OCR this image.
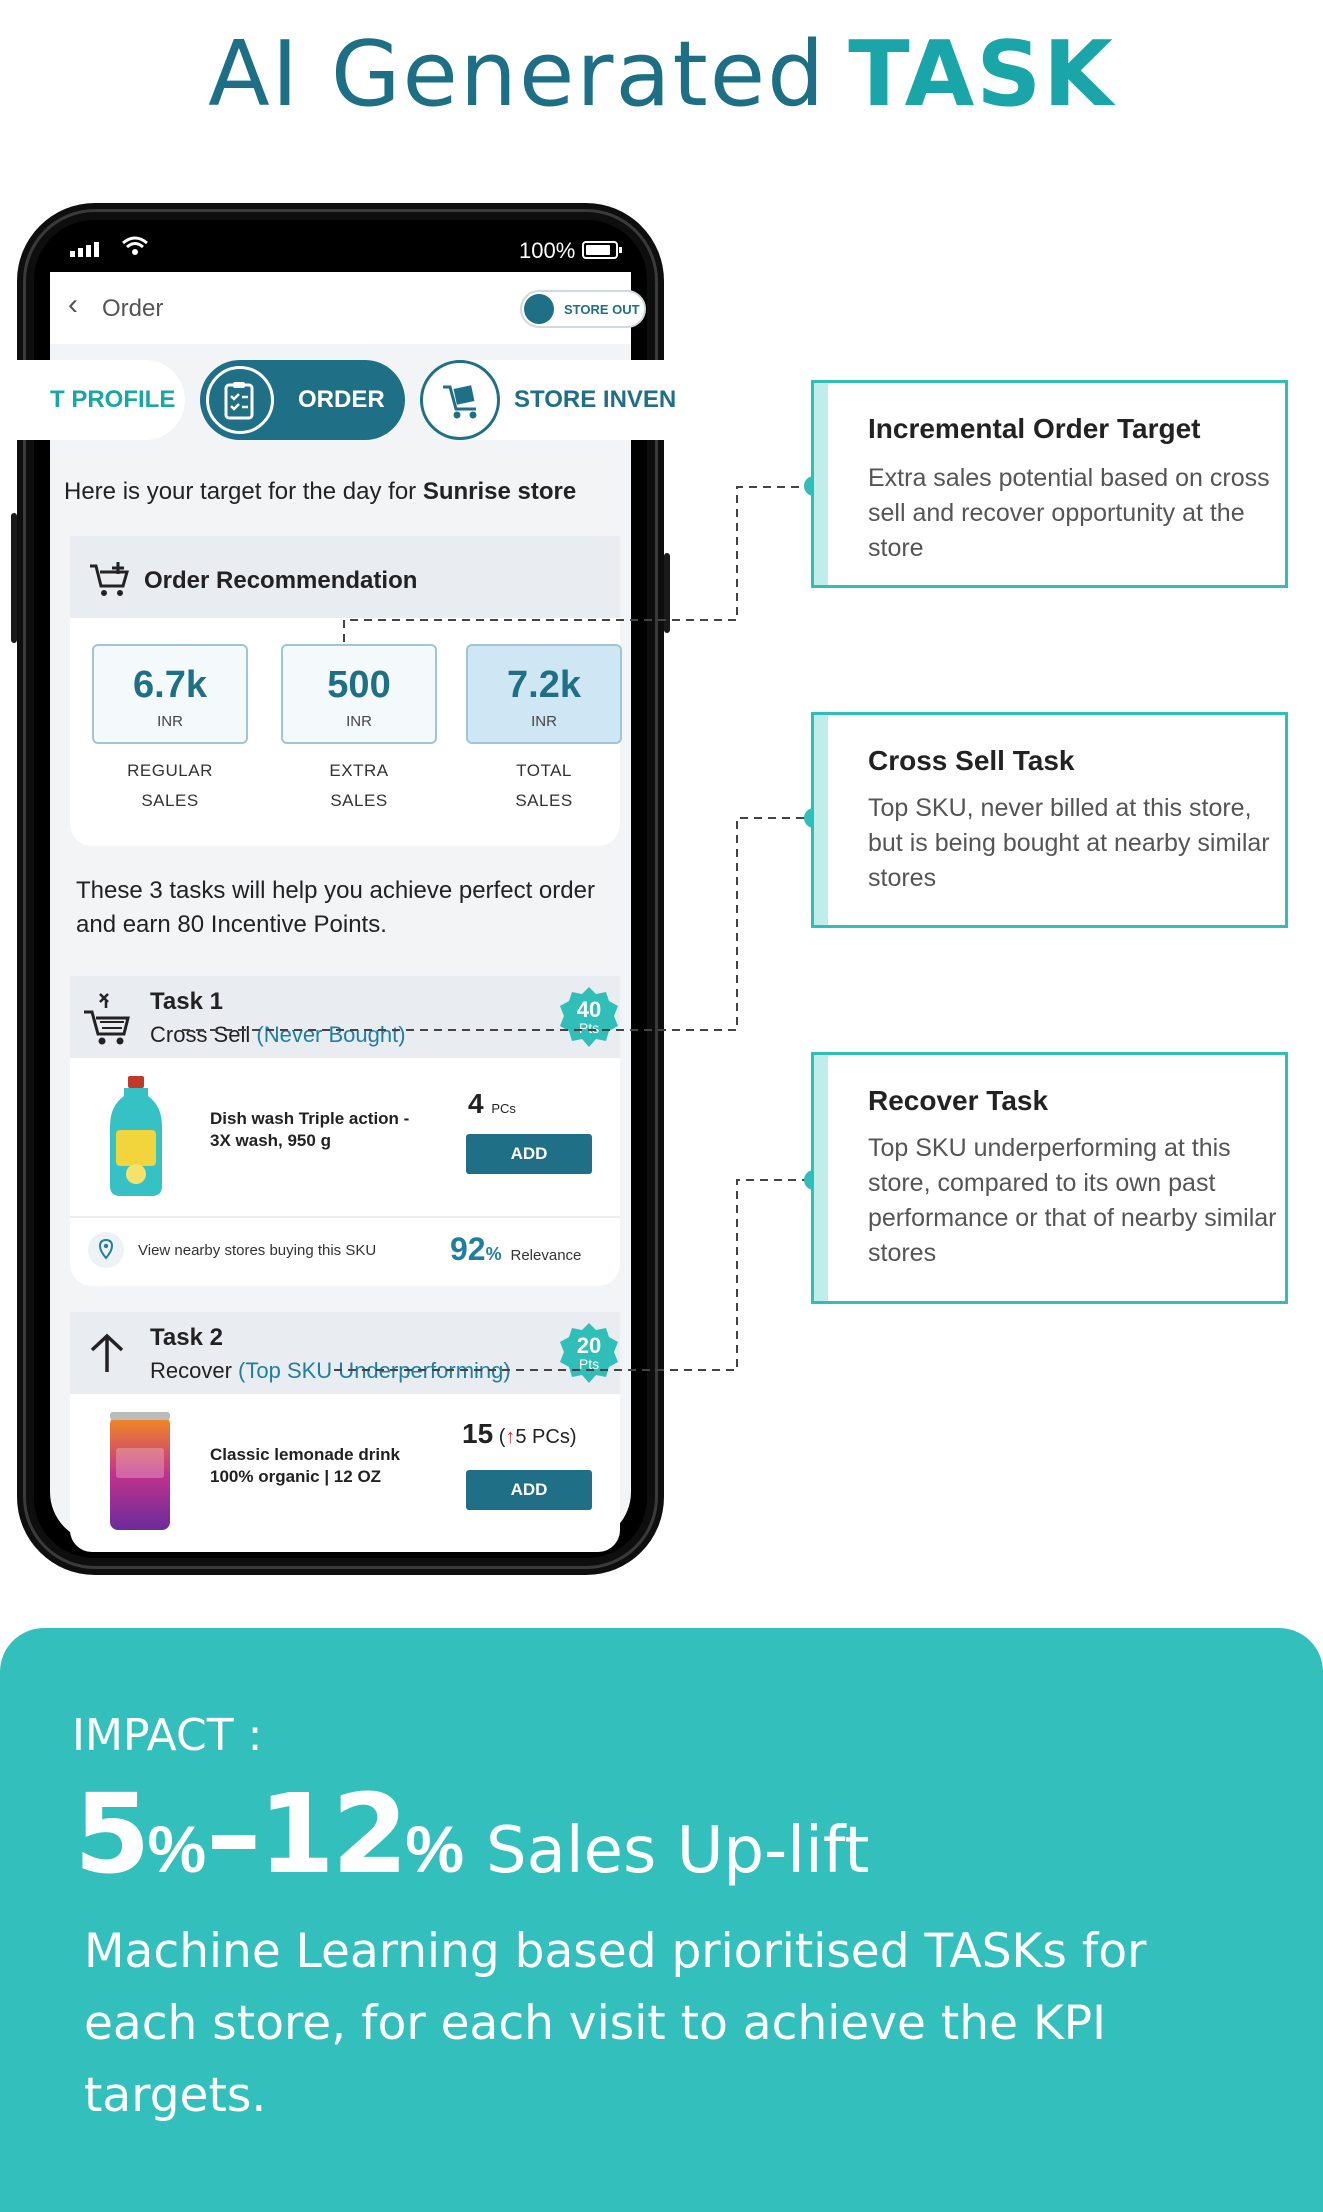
AI Generated TASK
100%
‹ Order	STORE OUT
T PROFILE	ORDER	STORE INVEN
Here is your target for the day for Sunrise store
Order Recommendation
6.7k
INR
500
INR
7.2k
INR
REGULAR
SALES
EXTRA
SALES
TOTAL
SALES
These 3 tasks will help you achieve perfect order and earn 80 Incentive Points.
Task 1
Cross Sell (Never Bought)
40
Pts
Dish wash Triple action -
3X wash, 950 g
4 PCs
ADD
View nearby stores buying this SKU 92% Relevance
Task 2
Recover (Top SKU Underperforming)
20
Pts
Classic lemonade drink
100% organic | 12 OZ
15 (↑5 PCs)
ADD
Incremental Order Target
Extra sales potential based on cross sell and recover opportunity at the store
Cross Sell Task
Top SKU, never billed at this store, but is being bought at nearby similar stores
Recover Task
Top SKU underperforming at this store, compared to its own past performance or that of nearby similar stores
IMPACT :
5%–12% Sales Up-lift
Machine Learning based prioritised TASKs for each store, for each visit to achieve the KPI targets.
